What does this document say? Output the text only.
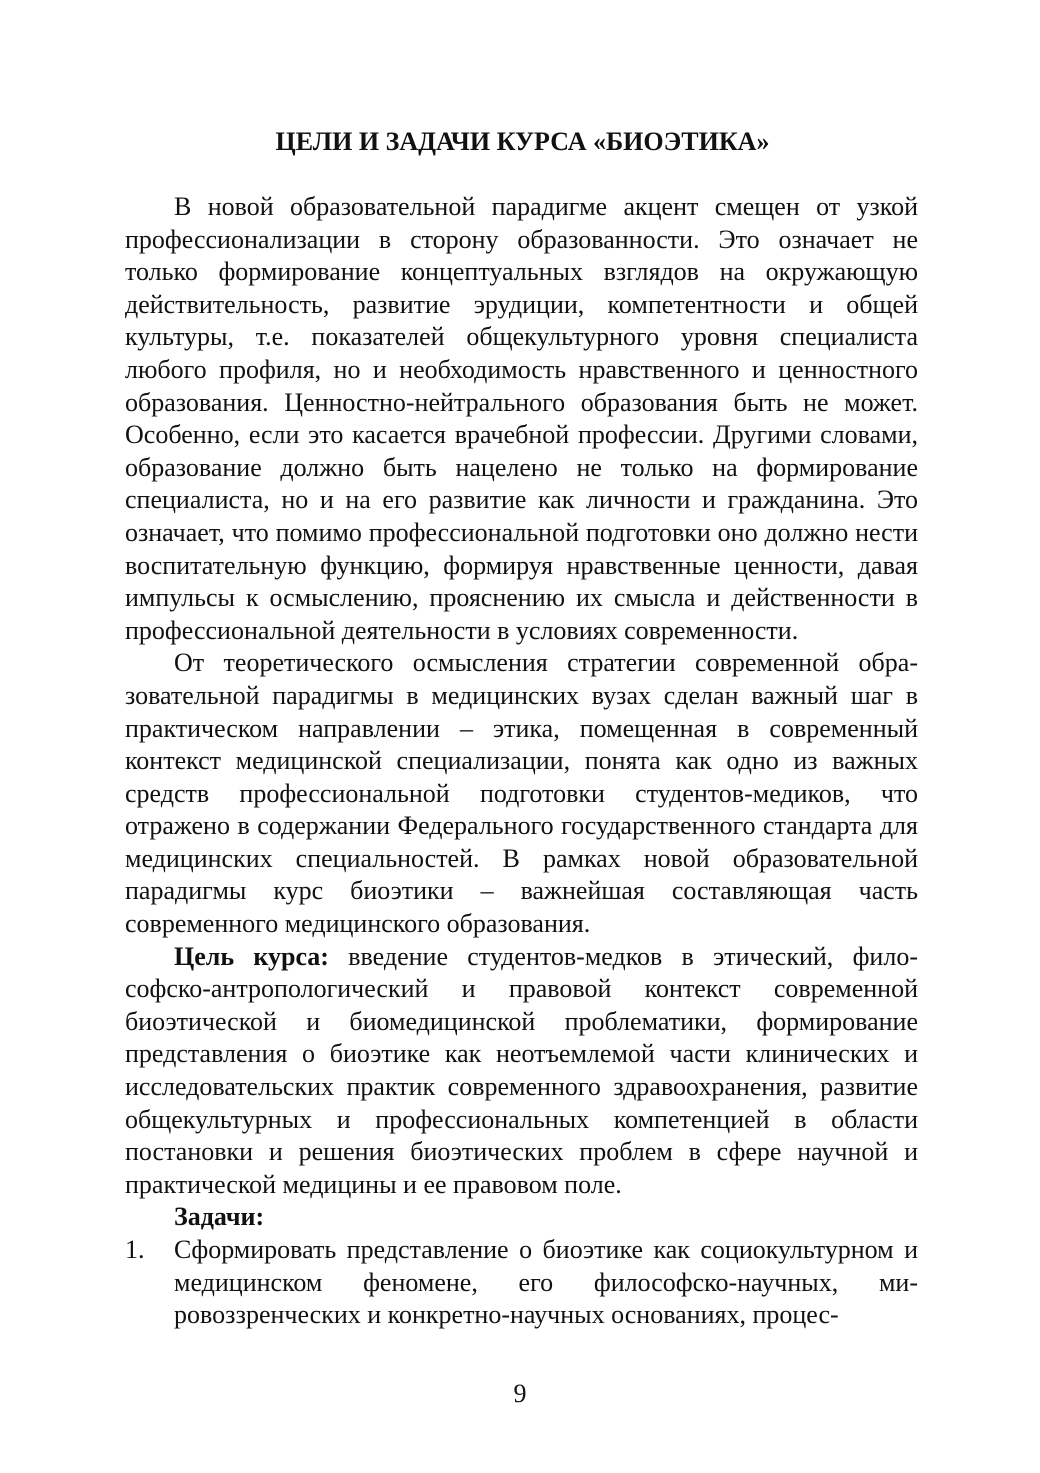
ЦЕЛИ И ЗАДАЧИ КУРСА «БИОЭТИКА»

В новой образовательной парадигме акцент смещен от узкой профессионализации в сторону образованности. Это означает не только формирование концептуальных взглядов на окружающую действительность, развитие эрудиции, компетентности и общей культуры, т.е. показателей общекультурного уровня специалиста любого профиля, но и необходимость нравственного и ценностного образования. Ценностно-нейтрального образования быть не может. Особенно, если это касается врачебной профессии. Другими словами, образование должно быть нацелено не только на формирование специалиста, но и на его развитие как личности и гражданина. Это означает, что помимо профессиональной подготовки оно должно нести воспитательную функцию, формируя нравственные ценности, давая импульсы к осмыслению, прояснению их смысла и действенности в профессиональной деятельности в условиях современности.

От теоретического осмысления стратегии современной образовательной парадигмы в медицинских вузах сделан важный шаг в практическом направлении – этика, помещенная в современный контекст медицинской специализации, понята как одно из важных средств профессиональной подготовки студентов-медиков, что отражено в содержании Федерального государственного стандарта для медицинских специальностей. В рамках новой образовательной парадигмы курс биоэтики – важнейшая составляющая часть современного медицинского образования.

Цель курса: введение студентов-медков в этический, философско-антропологический и правовой контекст современной биоэтической и биомедицинской проблематики, формирование представления о биоэтике как неотъемлемой части клинических и исследовательских практик современного здравоохранения, развитие общекультурных и профессиональных компетенцией в области постановки и решения биоэтических проблем в сфере научной и практической медицины и ее правовом поле.

Задачи:

1. Сформировать представление о биоэтике как социокультурном и медицинском феномене, его философско-научных, мировоззренческих и конкретно-научных основаниях, процес-

9
